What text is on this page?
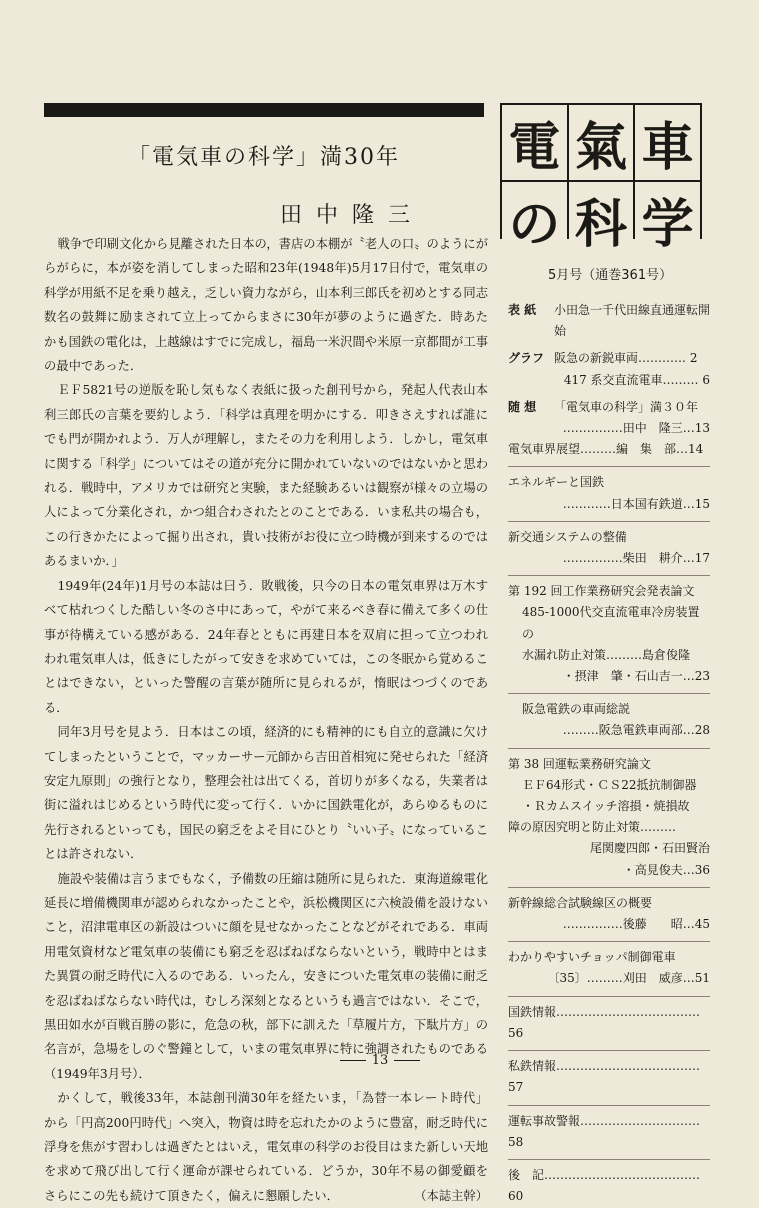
「電気車の科学」満30年
田中隆三

戦争で印刷文化から見離された日本の，書店の本棚が〝老人の口〟のようにがらがらに，本が姿を消してしまった昭和23年(1948年)5月17日付で，電気車の科学が用紙不足を乗り越え，乏しい資力ながら，山本利三郎氏を初めとする同志数名の鼓舞に励まされて立上ってからまさに30年が夢のように過ぎた．時あたかも国鉄の電化は，上越線はすでに完成し，福島一米沢間や米原一京都間が工事の最中であった．

ＥＦ5821号の逆版を恥し気もなく表紙に扱った創刊号から，発起人代表山本利三郎氏の言葉を要約しよう．「科学は真理を明かにする．叩きさえすれば誰にでも門が開かれよう．万人が理解し，またその力を利用しよう．しかし，電気車に関する「科学」についてはその道が充分に開かれていないのではないかと思われる．戦時中，アメリカでは研究と実験，また経験あるいは観察が様々の立場の人によって分業化され，かつ組合わされたとのことである．いま私共の場合も，この行きかたによって掘り出され，貴い技術がお役に立つ時機が到来するのではあるまいか．」

1949年(24年)1月号の本誌は曰う．敗戦後，只今の日本の電気車界は万木すべて枯れつくした酷しい冬のさ中にあって，やがて来るべき春に備えて多くの仕事が待構えている感がある．24年春とともに再建日本を双肩に担って立つわれわれ電気車人は，低きにしたがって安きを求めていては，この冬眠から覚めることはできない，といった警醒の言葉が随所に見られるが，惰眠はつづくのである．

同年3月号を見よう．日本はこの頃，経済的にも精神的にも自立的意識に欠けてしまったということで，マッカーサー元師から吉田首相宛に発せられた「経済安定九原則」の強行となり，整理会社は出てくる，首切りが多くなる，失業者は街に溢れはじめるという時代に変って行く．いかに国鉄電化が，あらゆるものに先行されるといっても，国民の窮乏をよそ目にひとり〝いい子〟になっていることは許されない．

施設や装備は言うまでもなく，予備数の圧縮は随所に見られた．東海道線電化延長に増備機関車が認められなかったことや，浜松機関区に六検設備を設けないこと，沼津電車区の新設はついに顔を見せなかったことなどがそれである．車両用電気資材など電気車の装備にも窮乏を忍ばねばならないという，戦時中とはまた異質の耐乏時代に入るのである．いったん，安きについた電気車の装備に耐乏を忍ばねばならない時代は，むしろ深刻となるというも過言ではない．そこで，黒田如水が百戦百勝の影に，危急の秋，部下に訓えた「草履片方，下駄片方」の名言が，急場をしのぐ警鐘として，いまの電気車界に特に強調されたものである（1949年3月号）．

かくして，戦後33年，本誌創刊満30年を経たいま，「為替一本レート時代」から「円高200円時代」へ突入，物資は時を忘れたかのように豊富，耐乏時代に浮身を焦がす習わしは過ぎたとはいえ，電気車の科学のお役目はまた新しい天地を求めて飛び出して行く運命が課せられている．どうか，30年不易の御愛顧をさらにこの先も続けて頂きたく，偏えに懇願したい．	（本誌主幹）

13
電 氣 車
の 科 学
5月号（通巻361号）
表 紙	小田急一千代田線直通運転開始
グラフ 阪急の新鋭車両………… 2
417 系交直流電車……… 6
随 想	「電気車の科学」満３０年
……………田中　隆三…13
電気車界展望………編　集　部…14
エネルギーと国鉄
…………日本国有鉄道…15
新交通システムの整備
……………柴田　耕介…17
第 192 回工作業務研究会発表論文
485-1000代交直流電車冷房装置の
水漏れ防止対策………島倉俊隆
・摂津　肇・石山吉一…23
阪急電鉄の車両総説
………阪急電鉄車両部…28
第 38 回運転業務研究論文
ＥＦ64形式・ＣＳ22抵抗制御器
・Ｒカムスイッチ溶損・焼損故
障の原因究明と防止対策………
尾関慶四郎・石田賢治
・高見俊夫…36
新幹線総合試験線区の概要
……………後藤　　昭…45
わかりやすいチョッパ制御電車
〔35〕………刈田　威彦…51
国鉄情報………………………………56
私鉄情報………………………………57
運転事故警報…………………………58
後　記…………………………………60
